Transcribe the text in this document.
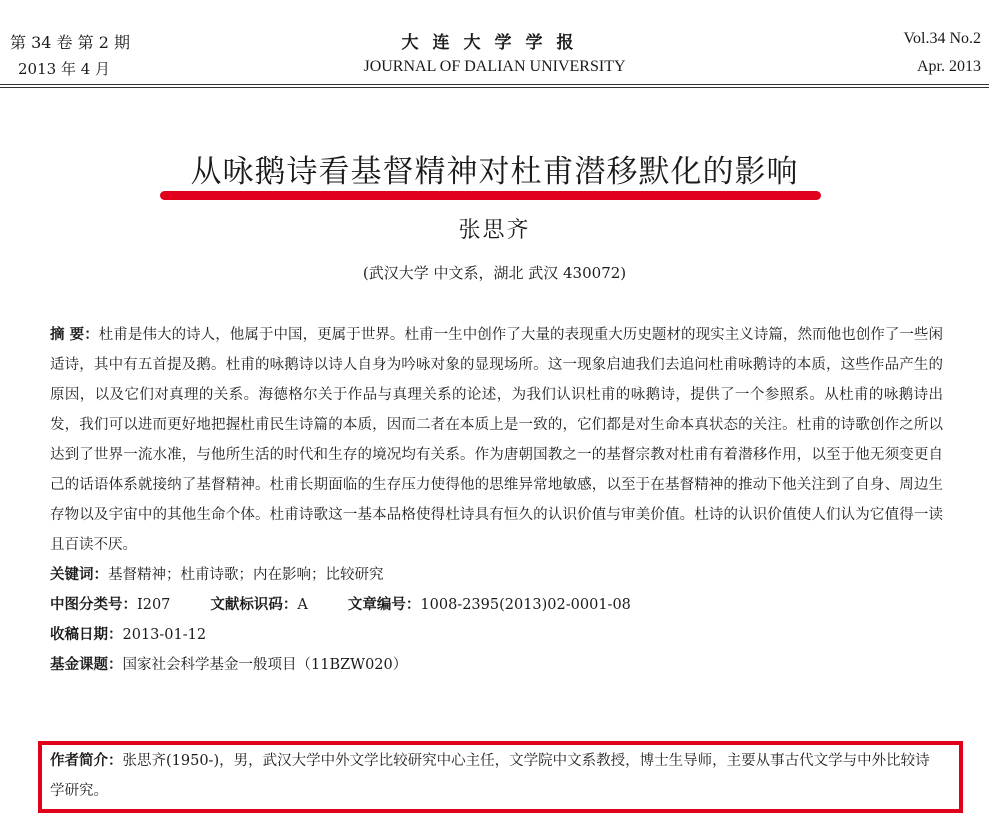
第 34 卷 第 2 期
2013 年 4 月
大连大学学报
JOURNAL OF DALIAN UNIVERSITY
Vol.34 No.2
Apr. 2013
从咏鹅诗看基督精神对杜甫潜移默化的影响
张思齐
(武汉大学 中文系，湖北 武汉 430072)

摘 要：杜甫是伟大的诗人，他属于中国，更属于世界。杜甫一生中创作了大量的表现重大历史题材的现实主义诗篇，然而他也创作了一些闲适诗，其中有五首提及鹅。杜甫的咏鹅诗以诗人自身为吟咏对象的显现场所。这一现象启迪我们去追问杜甫咏鹅诗的本质，这些作品产生的原因，以及它们对真理的关系。海德格尔关于作品与真理关系的论述，为我们认识杜甫的咏鹅诗，提供了一个参照系。从杜甫的咏鹅诗出发，我们可以进而更好地把握杜甫民生诗篇的本质，因而二者在本质上是一致的，它们都是对生命本真状态的关注。杜甫的诗歌创作之所以达到了世界一流水准，与他所生活的时代和生存的境况均有关系。作为唐朝国教之一的基督宗教对杜甫有着潜移作用，以至于他无须变更自己的话语体系就接纳了基督精神。杜甫长期面临的生存压力使得他的思维异常地敏感，以至于在基督精神的推动下他关注到了自身、周边生存物以及宇宙中的其他生命个体。杜甫诗歌这一基本品格使得杜诗具有恒久的认识价值与审美价值。杜诗的认识价值使人们认为它值得一读且百读不厌。

关键词：基督精神；杜甫诗歌；内在影响；比较研究

中图分类号：I207	文献标识码：A	文章编号：1008-2395(2013)02-0001-08

收稿日期：2013-01-12

基金课题：国家社会科学基金一般项目（11BZW020）

作者简介：张思齐(1950-)，男，武汉大学中外文学比较研究中心主任，文学院中文系教授，博士生导师，主要从事古代文学与中外比较诗学研究。
